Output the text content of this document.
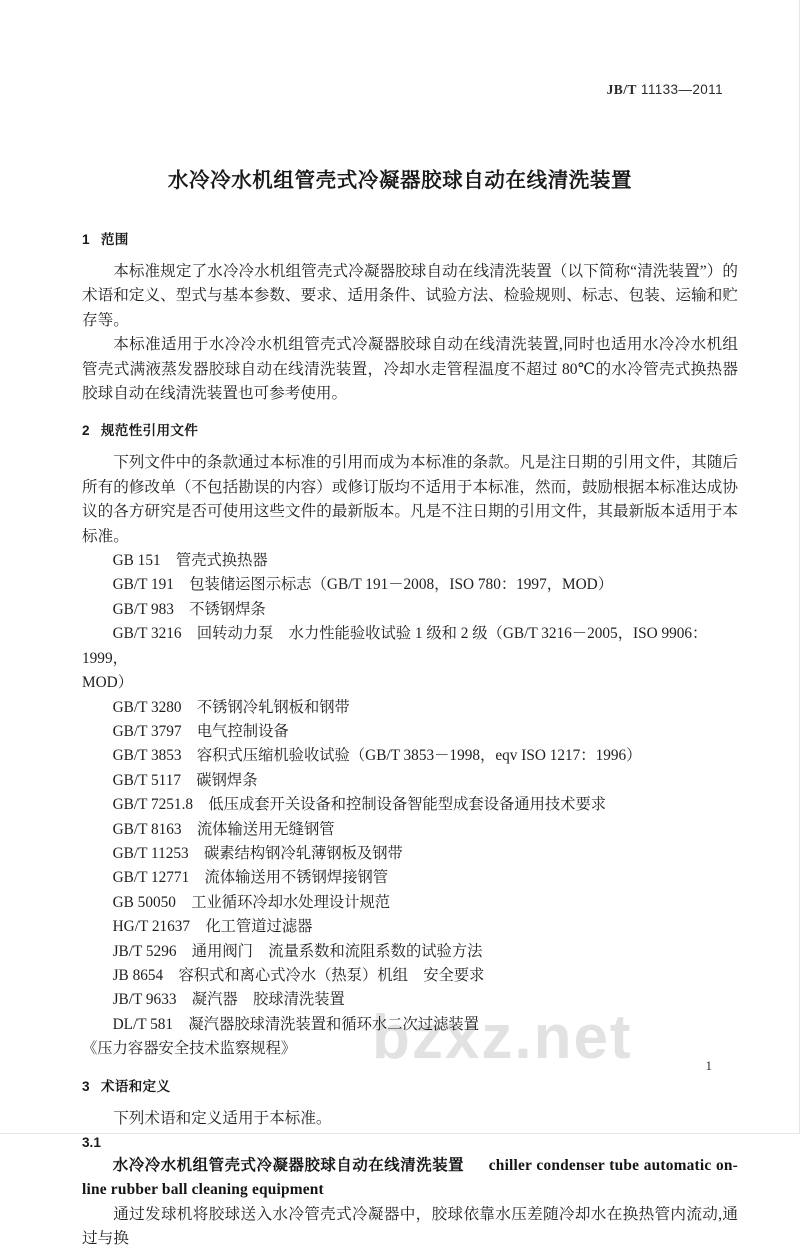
bzxz.net
JB/T 11133—2011
水冷冷水机组管壳式冷凝器胶球自动在线清洗装置
1 范围

本标准规定了水冷冷水机组管壳式冷凝器胶球自动在线清洗装置（以下简称“清洗装置”）的术语和定义、型式与基本参数、要求、适用条件、试验方法、检验规则、标志、包装、运输和贮存等。

本标准适用于水冷冷水机组管壳式冷凝器胶球自动在线清洗装置,同时也适用水冷冷水机组管壳式满液蒸发器胶球自动在线清洗装置，冷却水走管程温度不超过 80℃的水冷管壳式换热器胶球自动在线清洗装置也可参考使用。

2 规范性引用文件

下列文件中的条款通过本标准的引用而成为本标准的条款。凡是注日期的引用文件，其随后所有的修改单（不包括勘误的内容）或修订版均不适用于本标准，然而，鼓励根据本标准达成协议的各方研究是否可使用这些文件的最新版本。凡是不注日期的引用文件，其最新版本适用于本标准。

GB 151　管壳式换热器
GB/T 191　包装储运图示标志（GB/T 191－2008，ISO 780：1997，MOD）
GB/T 983　不锈钢焊条
GB/T 3216　回转动力泵　水力性能验收试验 1 级和 2 级（GB/T 3216－2005，ISO 9906：1999，
MOD）
GB/T 3280　不锈钢冷轧钢板和钢带
GB/T 3797　电气控制设备
GB/T 3853　容积式压缩机验收试验（GB/T 3853－1998，eqv ISO 1217：1996）
GB/T 5117　碳钢焊条
GB/T 7251.8　低压成套开关设备和控制设备智能型成套设备通用技术要求
GB/T 8163　流体输送用无缝钢管
GB/T 11253　碳素结构钢冷轧薄钢板及钢带
GB/T 12771　流体输送用不锈钢焊接钢管
GB 50050　工业循环冷却水处理设计规范
HG/T 21637　化工管道过滤器
JB/T 5296　通用阀门　流量系数和流阻系数的试验方法
JB 8654　容积式和离心式冷水（热泵）机组　安全要求
JB/T 9633　凝汽器　胶球清洗装置
DL/T 581　凝汽器胶球清洗装置和循环水二次过滤装置
《压力容器安全技术监察规程》
3 术语和定义

下列术语和定义适用于本标准。

3.1

水冷冷水机组管壳式冷凝器胶球自动在线清洗装置 chiller condenser tube automatic on-line rubber ball cleaning equipment

通过发球机将胶球送入水冷管壳式冷凝器中，胶球依靠水压差随冷却水在换热管内流动,通过与换

1
